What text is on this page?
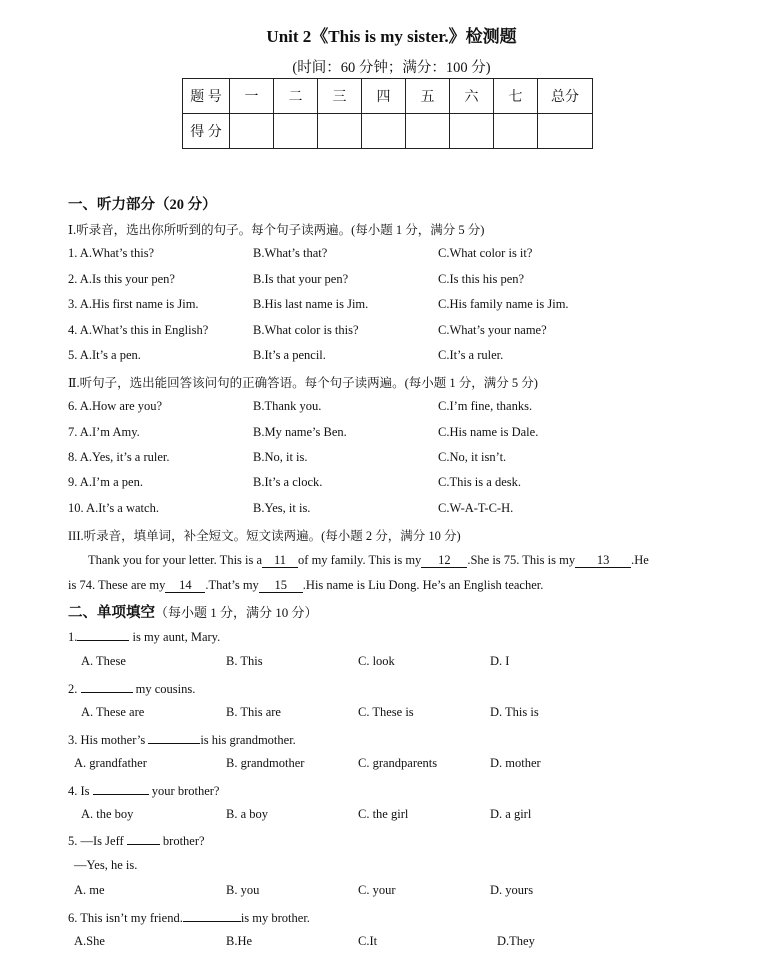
Unit 2《This is my sister.》检测题
(时间：60 分钟；满分：100 分)
题 号	一	二	三	四	五	六	七	总分
得 分								
一、听力部分（20 分）
Ⅰ.听录音，选出你所听到的句子。每个句子读两遍。(每小题 1 分，满分 5 分)
1. A.What’s this?	B.What’s that?	C.What color is it?
2. A.Is this your pen?	B.Is that your pen?	C.Is this his pen?
3. A.His first name is Jim.	B.His last name is Jim.	C.His family name is Jim.
4. A.What’s this in English?	B.What color is this?	C.What’s your name?
5. A.It’s a pen.	B.It’s a pencil.	C.It’s a ruler.
Ⅱ.听句子，选出能回答该问句的正确答语。每个句子读两遍。(每小题 1 分，满分 5 分)
6. A.How are you?	B.Thank you.	C.I’m fine, thanks.
7. A.I’m Amy.	B.My name’s Ben.	C.His name is Dale.
8. A.Yes, it’s a ruler.	B.No, it is.	C.No, it isn’t.
9. A.I’m a pen.	B.It’s a clock.	C.This is a desk.
10. A.It’s a watch.	B.Yes, it is.	C.W-A-T-C-H.
III.听录音，填单词，补全短文。短文读两遍。(每小题 2 分，满分 10 分)
Thank you for your letter. This is a 11 of my family. This is my 12 .She is 75. This is my 13 .He
is 74. These are my 14 .That’s my 15 .His name is Liu Dong. He’s an English teacher.
二、单项填空（每小题 1 分，满分 10 分）
1.	is my aunt, Mary.
A. These	B. This	C. look	D. I
2.	my cousins.
A. These are	B. This are	C. These is	D. This is
3. His mother’s	is his grandmother.
A. grandfather	B. grandmother	C. grandparents	D. mother
4. Is	your brother?
A. the boy	B. a boy	C. the girl	D. a girl
5. —Is Jeff	brother?
—Yes, he is.
A. me	B. you	C. your	D. yours
6. This isn’t my friend.	is my brother.
A.She	B.He	C.It	D.They
